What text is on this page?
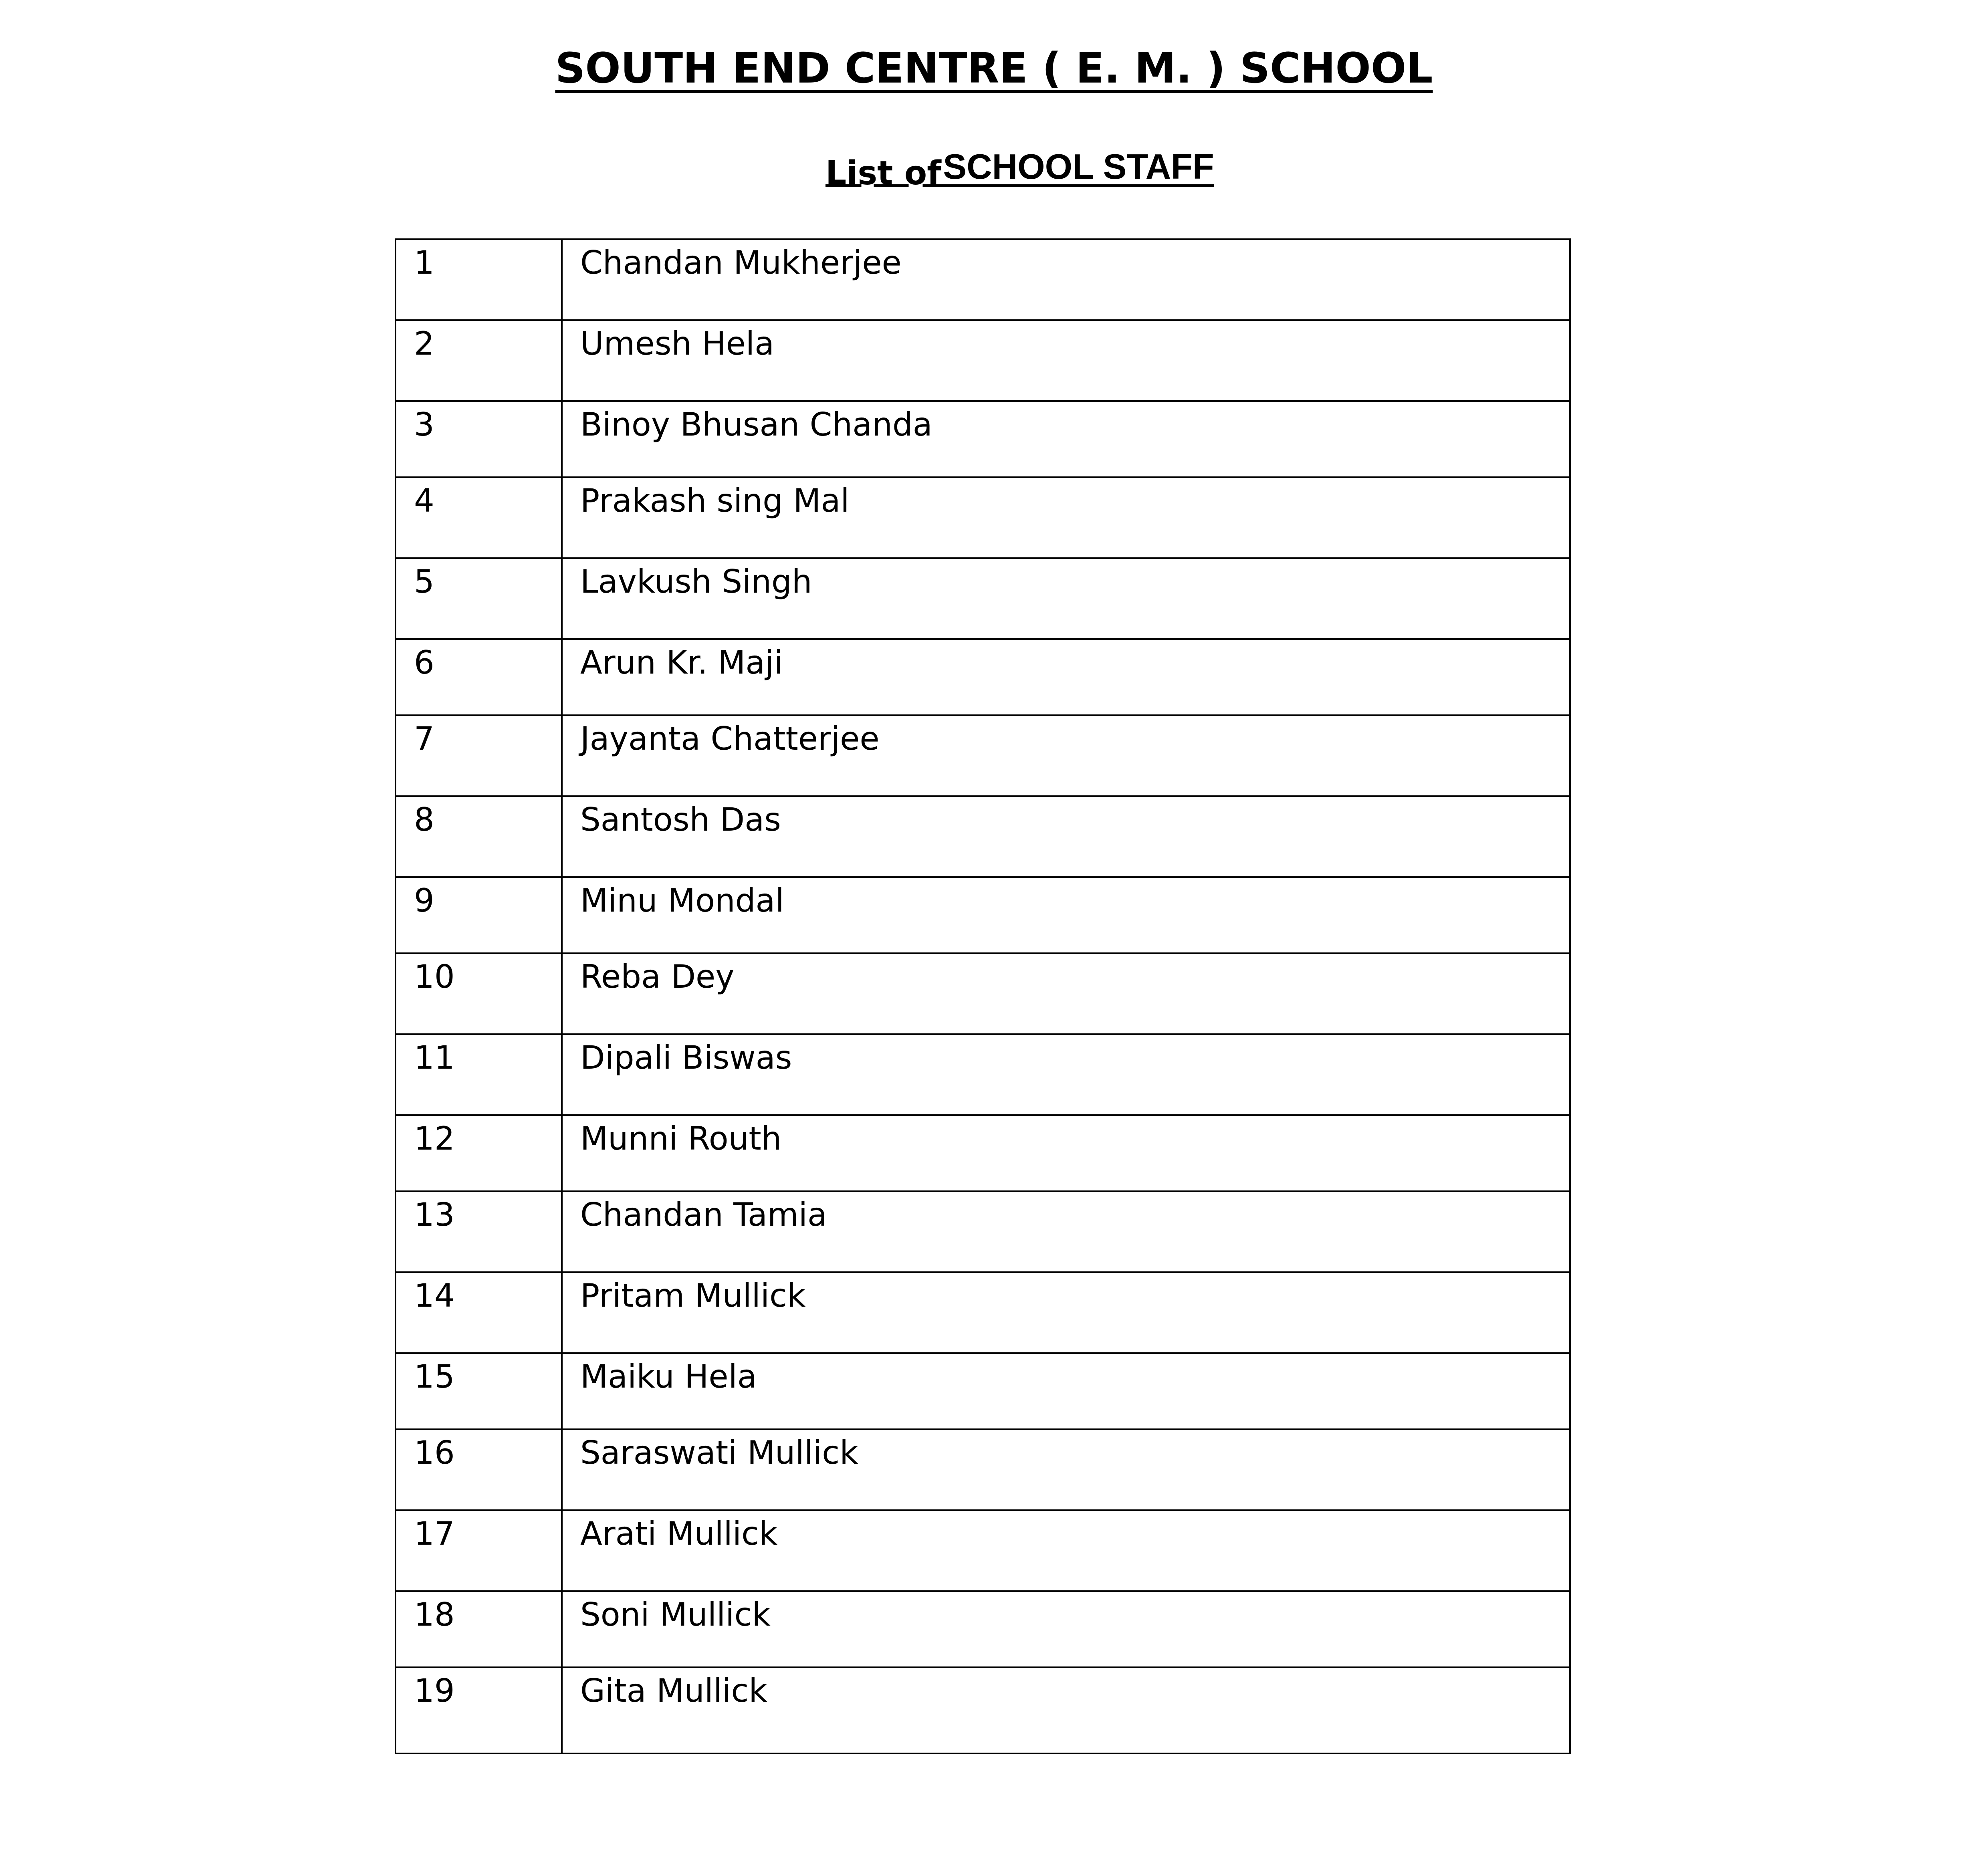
SOUTH END CENTRE ( E. M. ) SCHOOL
List of SCHOOL STAFF
1	Chandan Mukherjee
2	Umesh Hela
3	Binoy Bhusan Chanda
4	Prakash sing Mal
5	Lavkush Singh
6	Arun Kr. Maji
7	Jayanta Chatterjee
8	Santosh Das
9	Minu Mondal
10	Reba Dey
11	Dipali Biswas
12	Munni Routh
13	Chandan Tamia
14	Pritam Mullick
15	Maiku Hela
16	Saraswati Mullick
17	Arati Mullick
18	Soni Mullick
19	Gita Mullick
